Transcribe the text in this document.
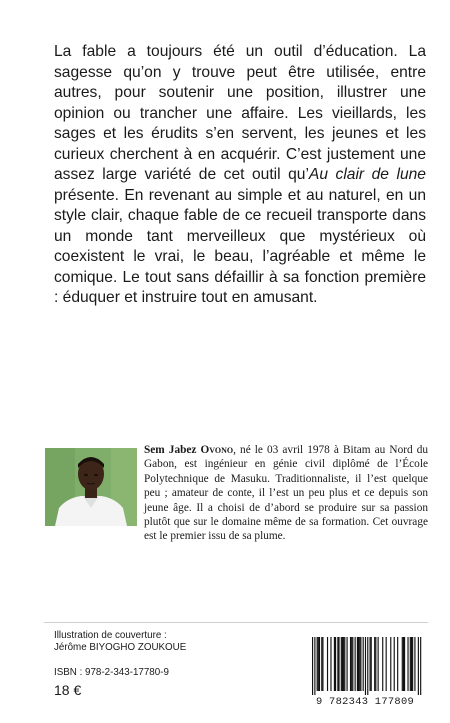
La fable a toujours été un outil d’éducation. La sagesse qu’on y trouve peut être utilisée, entre autres, pour soutenir une position, illustrer une opinion ou trancher une affaire. Les vieillards, les sages et les érudits s’en servent, les jeunes et les curieux cherchent à en acquérir. C’est justement une assez large variété de cet outil qu’Au clair de lune présente. En revenant au simple et au naturel, en un style clair, chaque fable de ce recueil transporte dans un monde tant merveilleux que mystérieux où coexistent le vrai, le beau, l’agréable et même le comique. Le tout sans défaillir à sa fonction première : éduquer et instruire tout en amusant.

Sem Jabez Ovono, né le 03 avril 1978 à Bitam au Nord du Gabon, est ingénieur en génie civil diplômé de l’École Polytechnique de Masuku. Traditionnaliste, il l’est quelque peu ; amateur de conte, il l’est un peu plus et ce depuis son jeune âge. Il a choisi de d’abord se produire sur sa passion plutôt que sur le domaine même de sa formation. Cet ouvrage est le premier issu de sa plume.

Illustration de couverture :
Jérôme BIYOGHO ZOUKOUE
ISBN : 978-2-343-17780-9
18 €
9 782343 177809
